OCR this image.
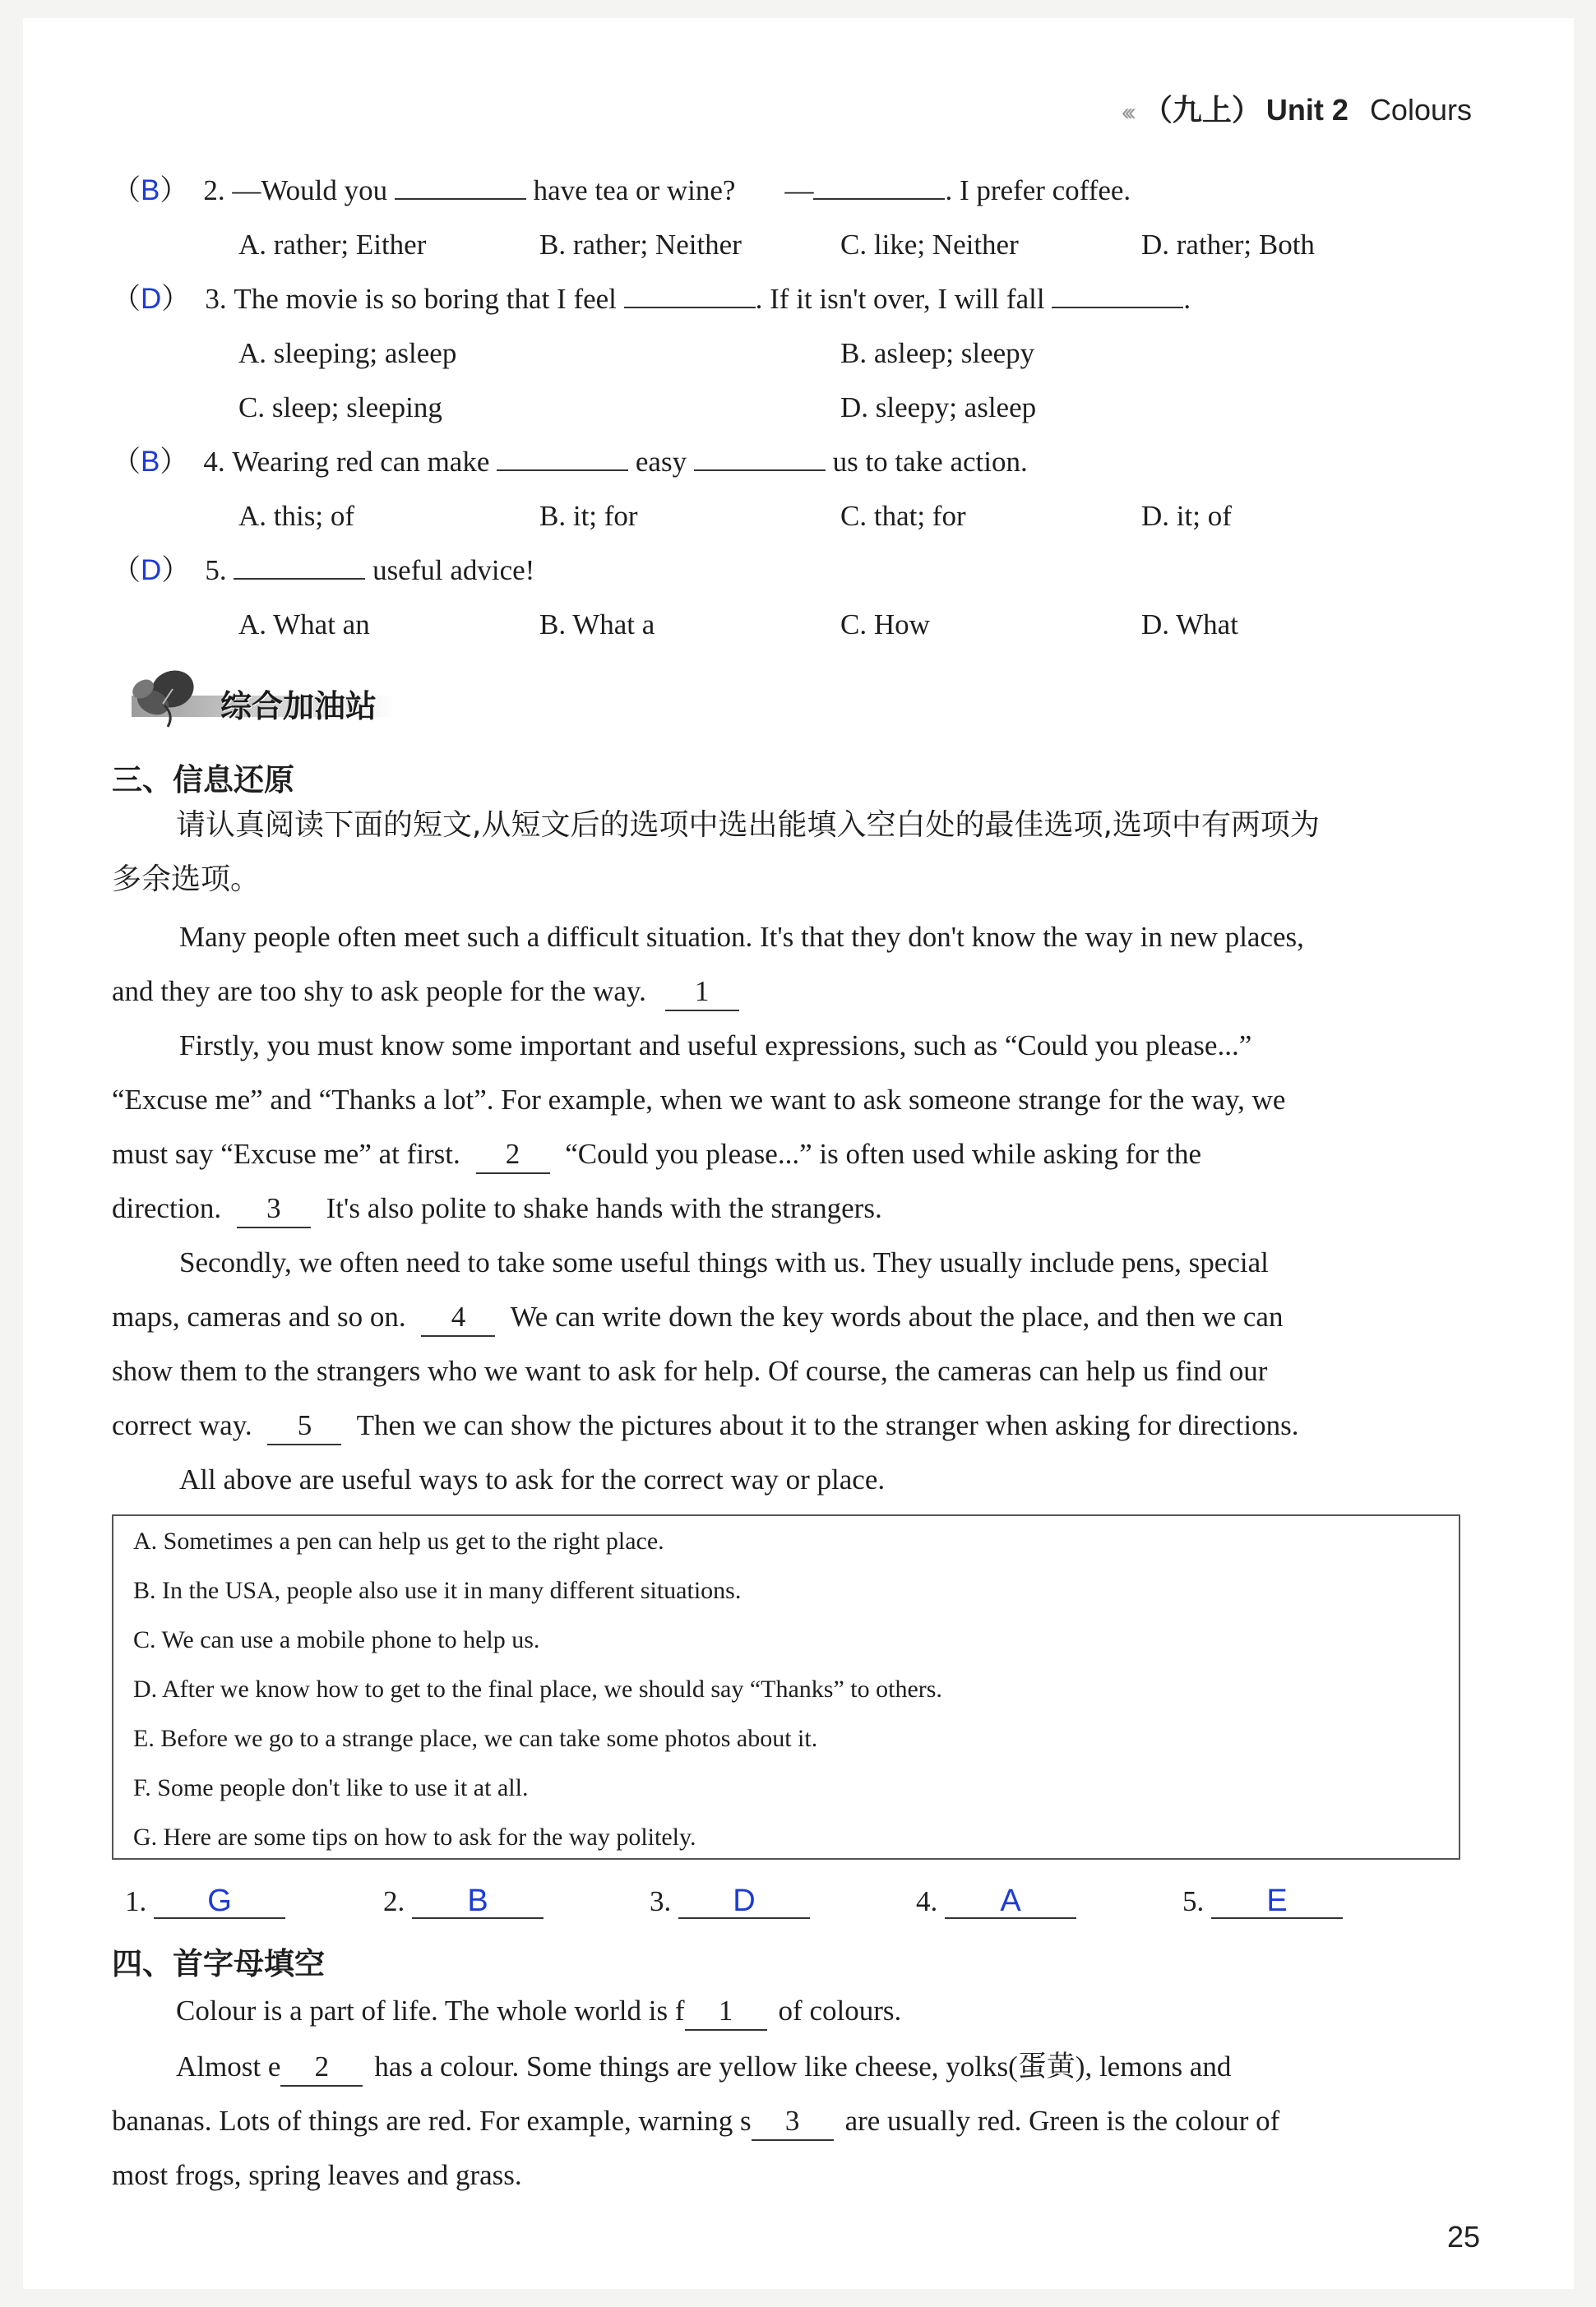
‹‹‹ （九上） Unit 2 Colours
（B） 2. —Would you	have tea or wine? —	. I prefer coffee.
A. rather; Either	B. rather; Neither	C. like; Neither	D. rather; Both
（D） 3. The movie is so boring that I feel	. If it isn't over, I will fall	.
A. sleeping; asleep	B. asleep; sleepy
C. sleep; sleeping	D. sleepy; asleep
（B） 4. Wearing red can make	easy	us to take action.
A. this; of	B. it; for	C. that; for	D. it; of
（D） 5.	useful advice!
A. What an	B. What a	C. How	D. What
综合加油站
三、信息还原
请认真阅读下面的短文,从短文后的选项中选出能填入空白处的最佳选项,选项中有两项为
多余选项。
Many people often meet such a difficult situation. It's that they don't know the way in new places,
and they are too shy to ask people for the way. 1
Firstly, you must know some important and useful expressions, such as “Could you please...”
“Excuse me” and “Thanks a lot”. For example, when we want to ask someone strange for the way, we
must say “Excuse me” at first. 2 “Could you please...” is often used while asking for the
direction. 3 It's also polite to shake hands with the strangers.
Secondly, we often need to take some useful things with us. They usually include pens, special
maps, cameras and so on. 4 We can write down the key words about the place, and then we can
show them to the strangers who we want to ask for help. Of course, the cameras can help us find our
correct way. 5 Then we can show the pictures about it to the stranger when asking for directions.
All above are useful ways to ask for the correct way or place.
A. Sometimes a pen can help us get to the right place.
B. In the USA, people also use it in many different situations.
C. We can use a mobile phone to help us.
D. After we know how to get to the final place, we should say “Thanks” to others.
E. Before we go to a strange place, we can take some photos about it.
F. Some people don't like to use it at all.
G. Here are some tips on how to ask for the way politely.
1. G	2. B	3. D	4. A	5. E
四、首字母填空
Colour is a part of life. The whole world is f 1 of colours.
Almost e 2 has a colour. Some things are yellow like cheese, yolks(蛋黄), lemons and
bananas. Lots of things are red. For example, warning s 3 are usually red. Green is the colour of
most frogs, spring leaves and grass.
25
